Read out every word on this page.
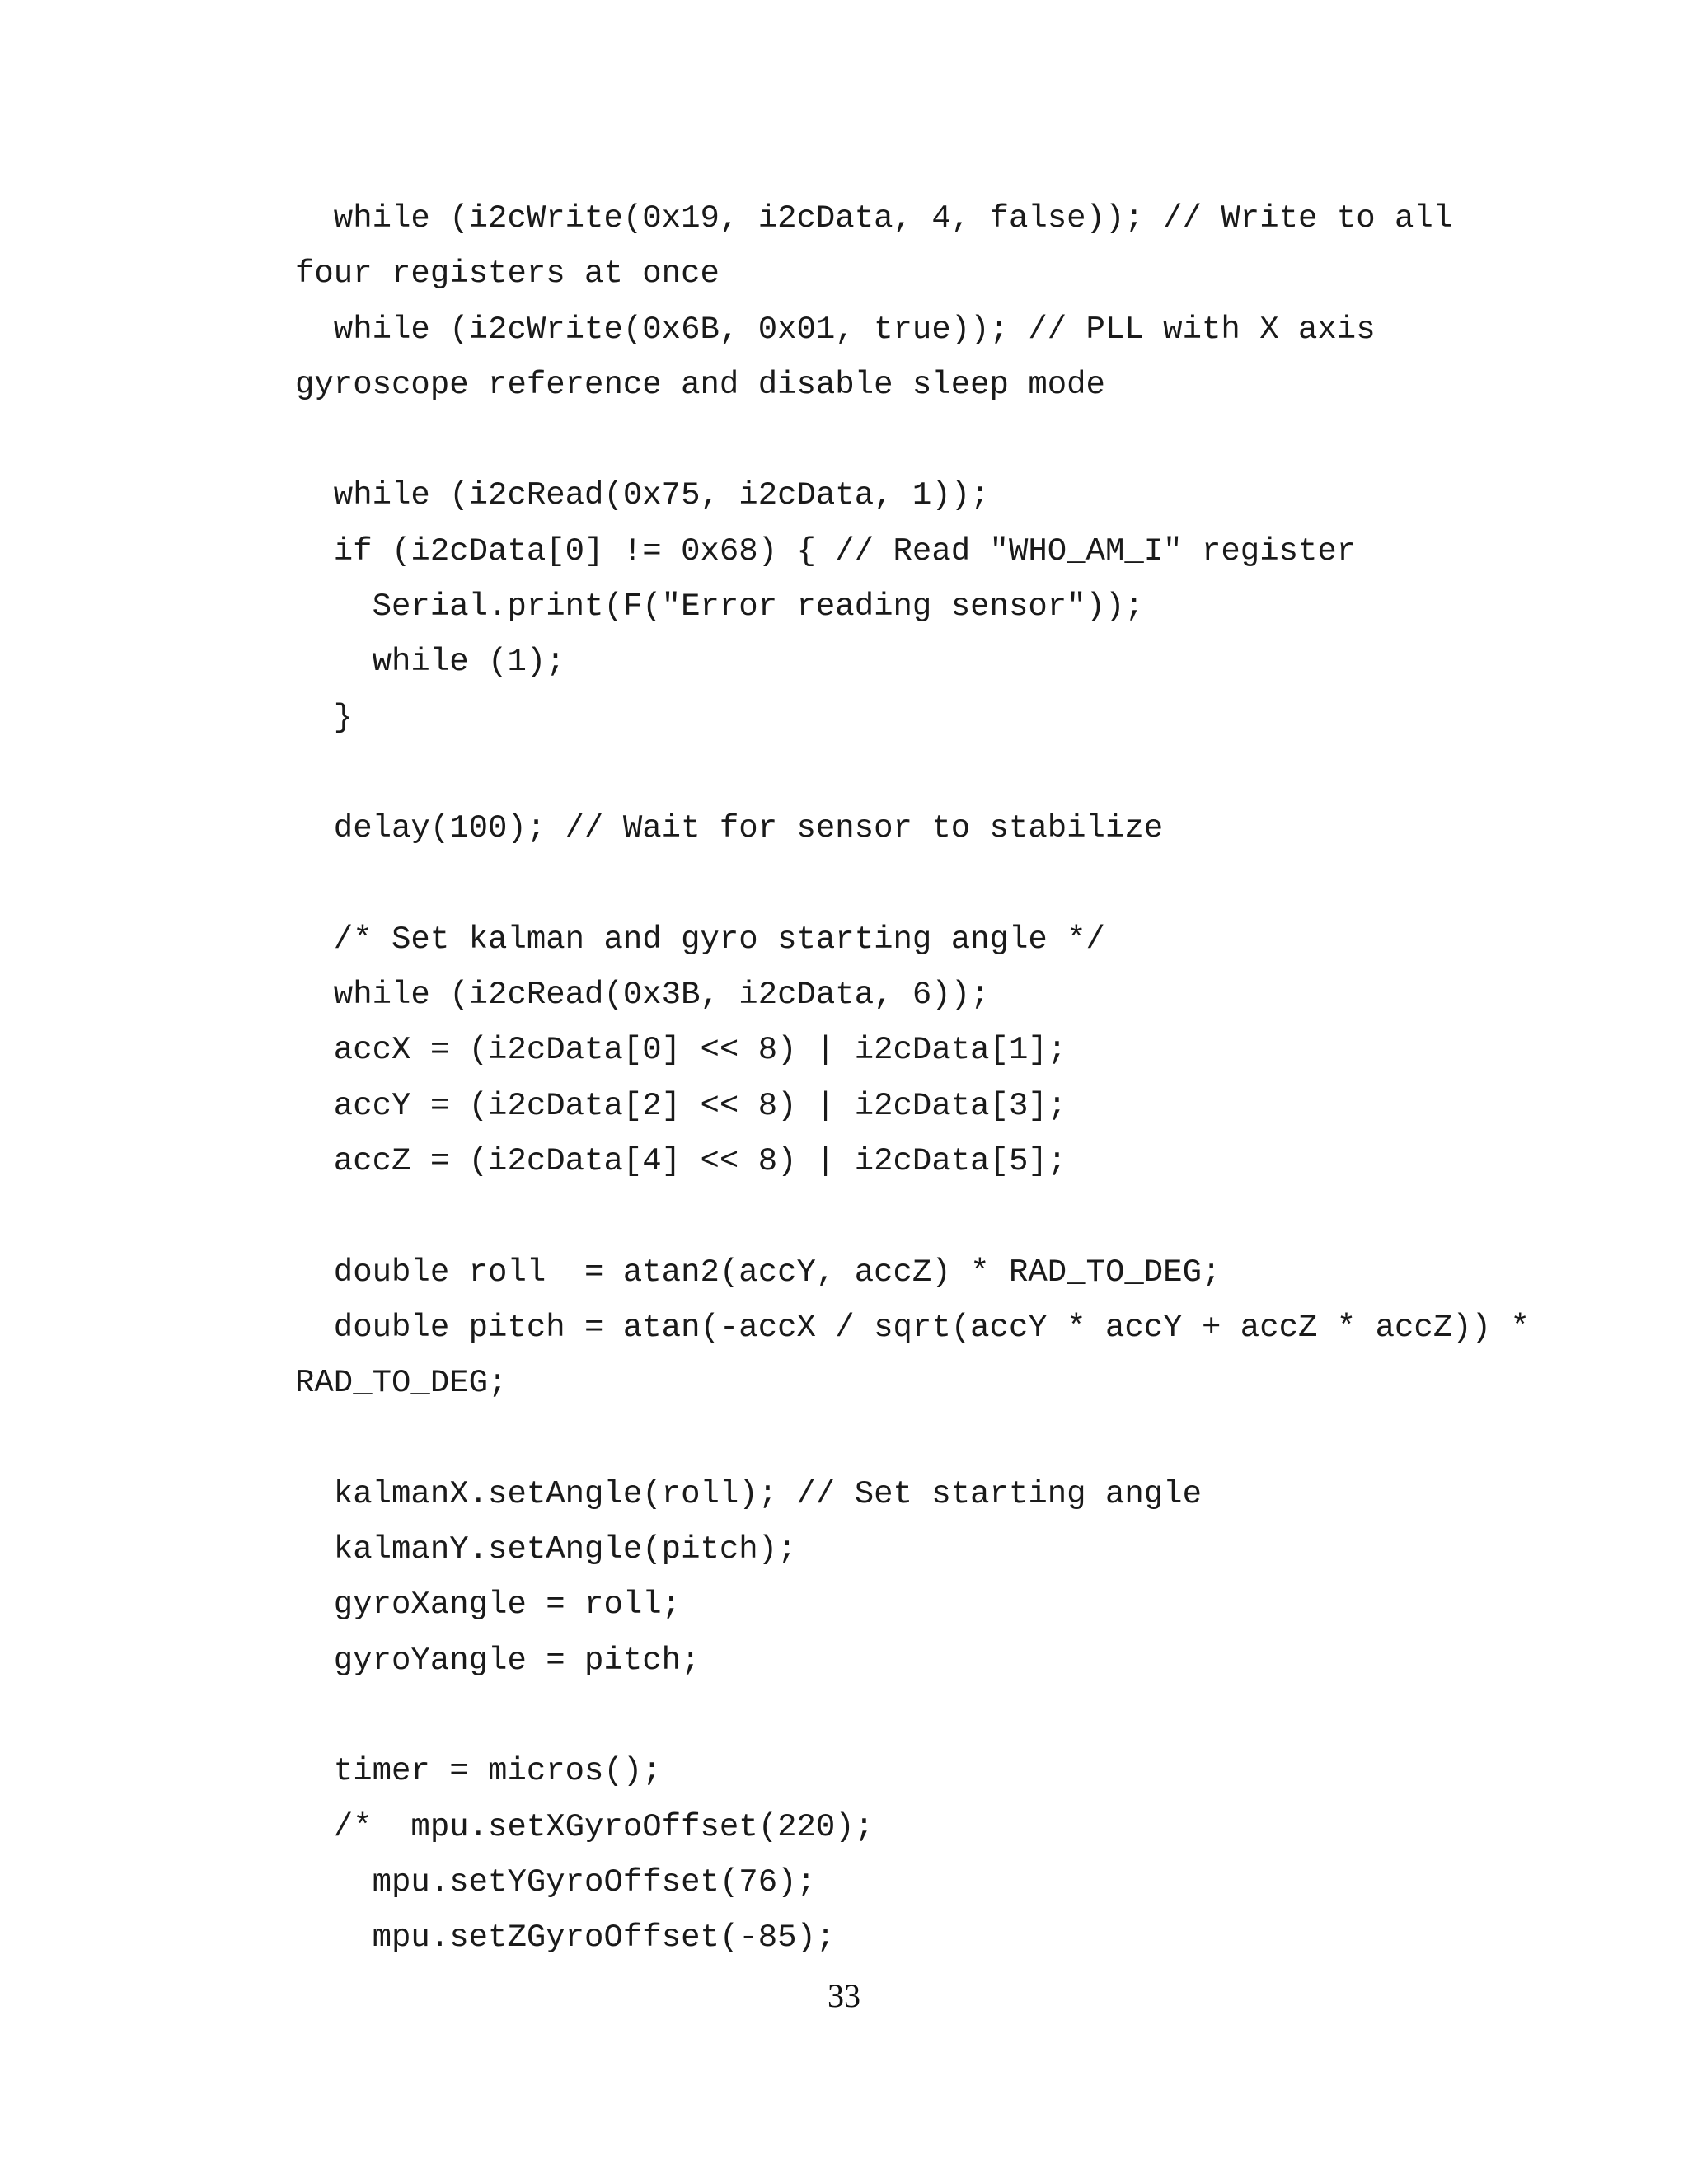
while (i2cWrite(0x19, i2cData, 4, false)); // Write to all
four registers at once
while (i2cWrite(0x6B, 0x01, true)); // PLL with X axis
gyroscope reference and disable sleep mode
while (i2cRead(0x75, i2cData, 1));
if (i2cData[0] != 0x68) { // Read "WHO_AM_I" register
Serial.print(F("Error reading sensor"));
while (1);
}
delay(100); // Wait for sensor to stabilize
/* Set kalman and gyro starting angle */
while (i2cRead(0x3B, i2cData, 6));
accX = (i2cData[0] << 8) | i2cData[1];
accY = (i2cData[2] << 8) | i2cData[3];
accZ = (i2cData[4] << 8) | i2cData[5];
double roll  = atan2(accY, accZ) * RAD_TO_DEG;
double pitch = atan(-accX / sqrt(accY * accY + accZ * accZ)) *
RAD_TO_DEG;
kalmanX.setAngle(roll); // Set starting angle
kalmanY.setAngle(pitch);
gyroXangle = roll;
gyroYangle = pitch;
timer = micros();
/*  mpu.setXGyroOffset(220);
mpu.setYGyroOffset(76);
mpu.setZGyroOffset(-85);
33
